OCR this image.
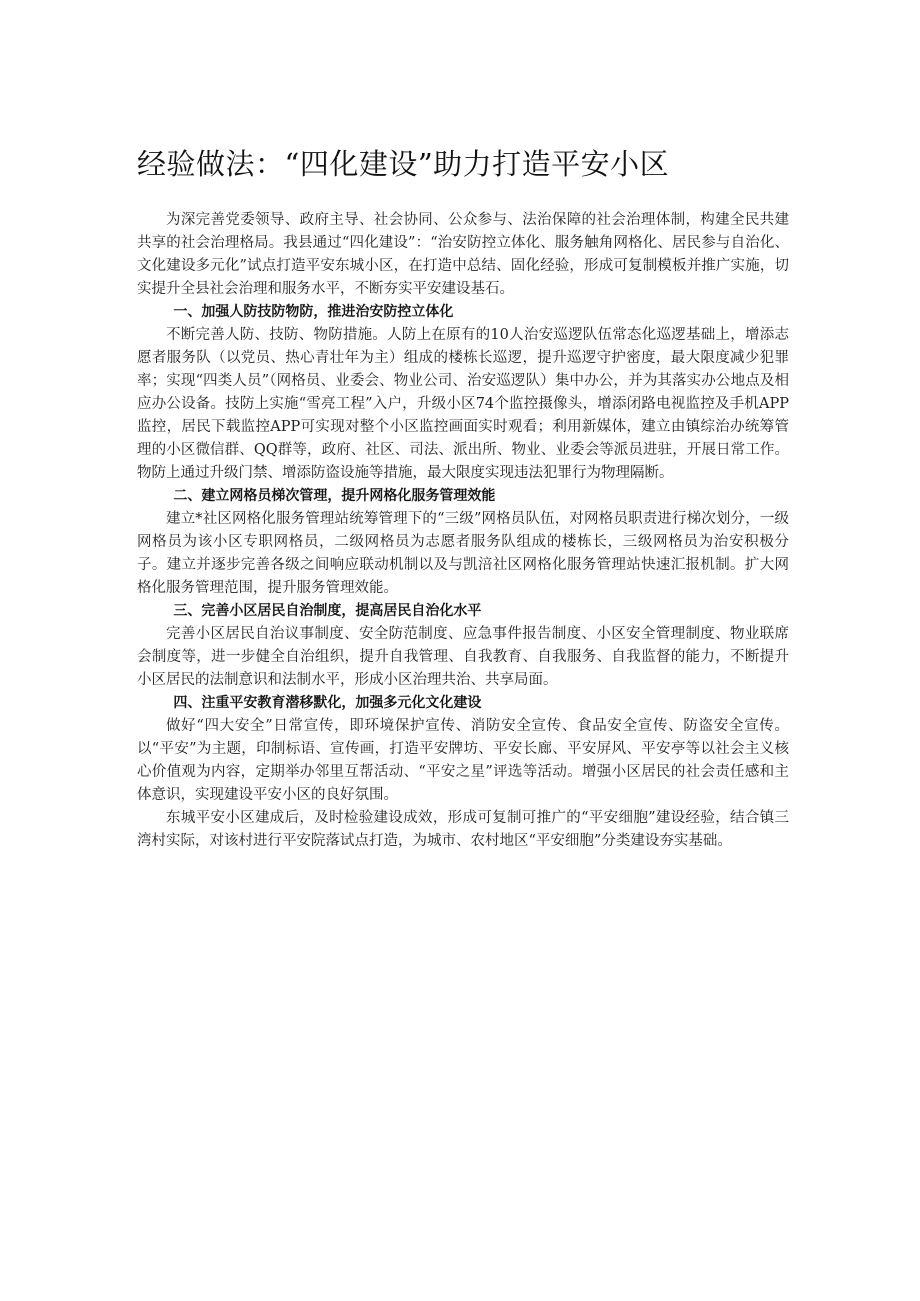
经验做法：“四化建设”助力打造平安小区

为深完善党委领导、政府主导、社会协同、公众参与、法治保障的社会治理体制，构建全民共建共享的社会治理格局。我县通过“四化建设”：“治安防控立体化、服务触角网格化、居民参与自治化、文化建设多元化”试点打造平安东城小区，在打造中总结、固化经验，形成可复制模板并推广实施，切实提升全县社会治理和服务水平，不断夯实平安建设基石。

一、加强人防技防物防，推进治安防控立体化

不断完善人防、技防、物防措施。人防上在原有的10人治安巡逻队伍常态化巡逻基础上，增添志愿者服务队（以党员、热心青壮年为主）组成的楼栋长巡逻，提升巡逻守护密度，最大限度减少犯罪率；实现“四类人员”（网格员、业委会、物业公司、治安巡逻队）集中办公，并为其落实办公地点及相应办公设备。技防上实施“雪亮工程”入户，升级小区74个监控摄像头，增添闭路电视监控及手机APP监控，居民下载监控APP可实现对整个小区监控画面实时观看；利用新媒体，建立由镇综治办统筹管理的小区微信群、QQ群等，政府、社区、司法、派出所、物业、业委会等派员进驻，开展日常工作。物防上通过升级门禁、增添防盗设施等措施，最大限度实现违法犯罪行为物理隔断。

二、建立网格员梯次管理，提升网格化服务管理效能

建立*社区网格化服务管理站统筹管理下的“三级”网格员队伍，对网格员职责进行梯次划分，一级网格员为该小区专职网格员，二级网格员为志愿者服务队组成的楼栋长，三级网格员为治安积极分子。建立并逐步完善各级之间响应联动机制以及与凯涪社区网格化服务管理站快速汇报机制。扩大网格化服务管理范围，提升服务管理效能。

三、完善小区居民自治制度，提高居民自治化水平

完善小区居民自治议事制度、安全防范制度、应急事件报告制度、小区安全管理制度、物业联席会制度等，进一步健全自治组织，提升自我管理、自我教育、自我服务、自我监督的能力，不断提升小区居民的法制意识和法制水平，形成小区治理共治、共享局面。

四、注重平安教育潜移默化，加强多元化文化建设

做好“四大安全”日常宣传，即环境保护宣传、消防安全宣传、食品安全宣传、防盗安全宣传。以“平安”为主题，印制标语、宣传画，打造平安牌坊、平安长廊、平安屏风、平安亭等以社会主义核心价值观为内容，定期举办邻里互帮活动、“平安之星”评选等活动。增强小区居民的社会责任感和主体意识，实现建设平安小区的良好氛围。

东城平安小区建成后，及时检验建设成效，形成可复制可推广的“平安细胞”建设经验，结合镇三湾村实际，对该村进行平安院落试点打造，为城市、农村地区“平安细胞”分类建设夯实基础。
